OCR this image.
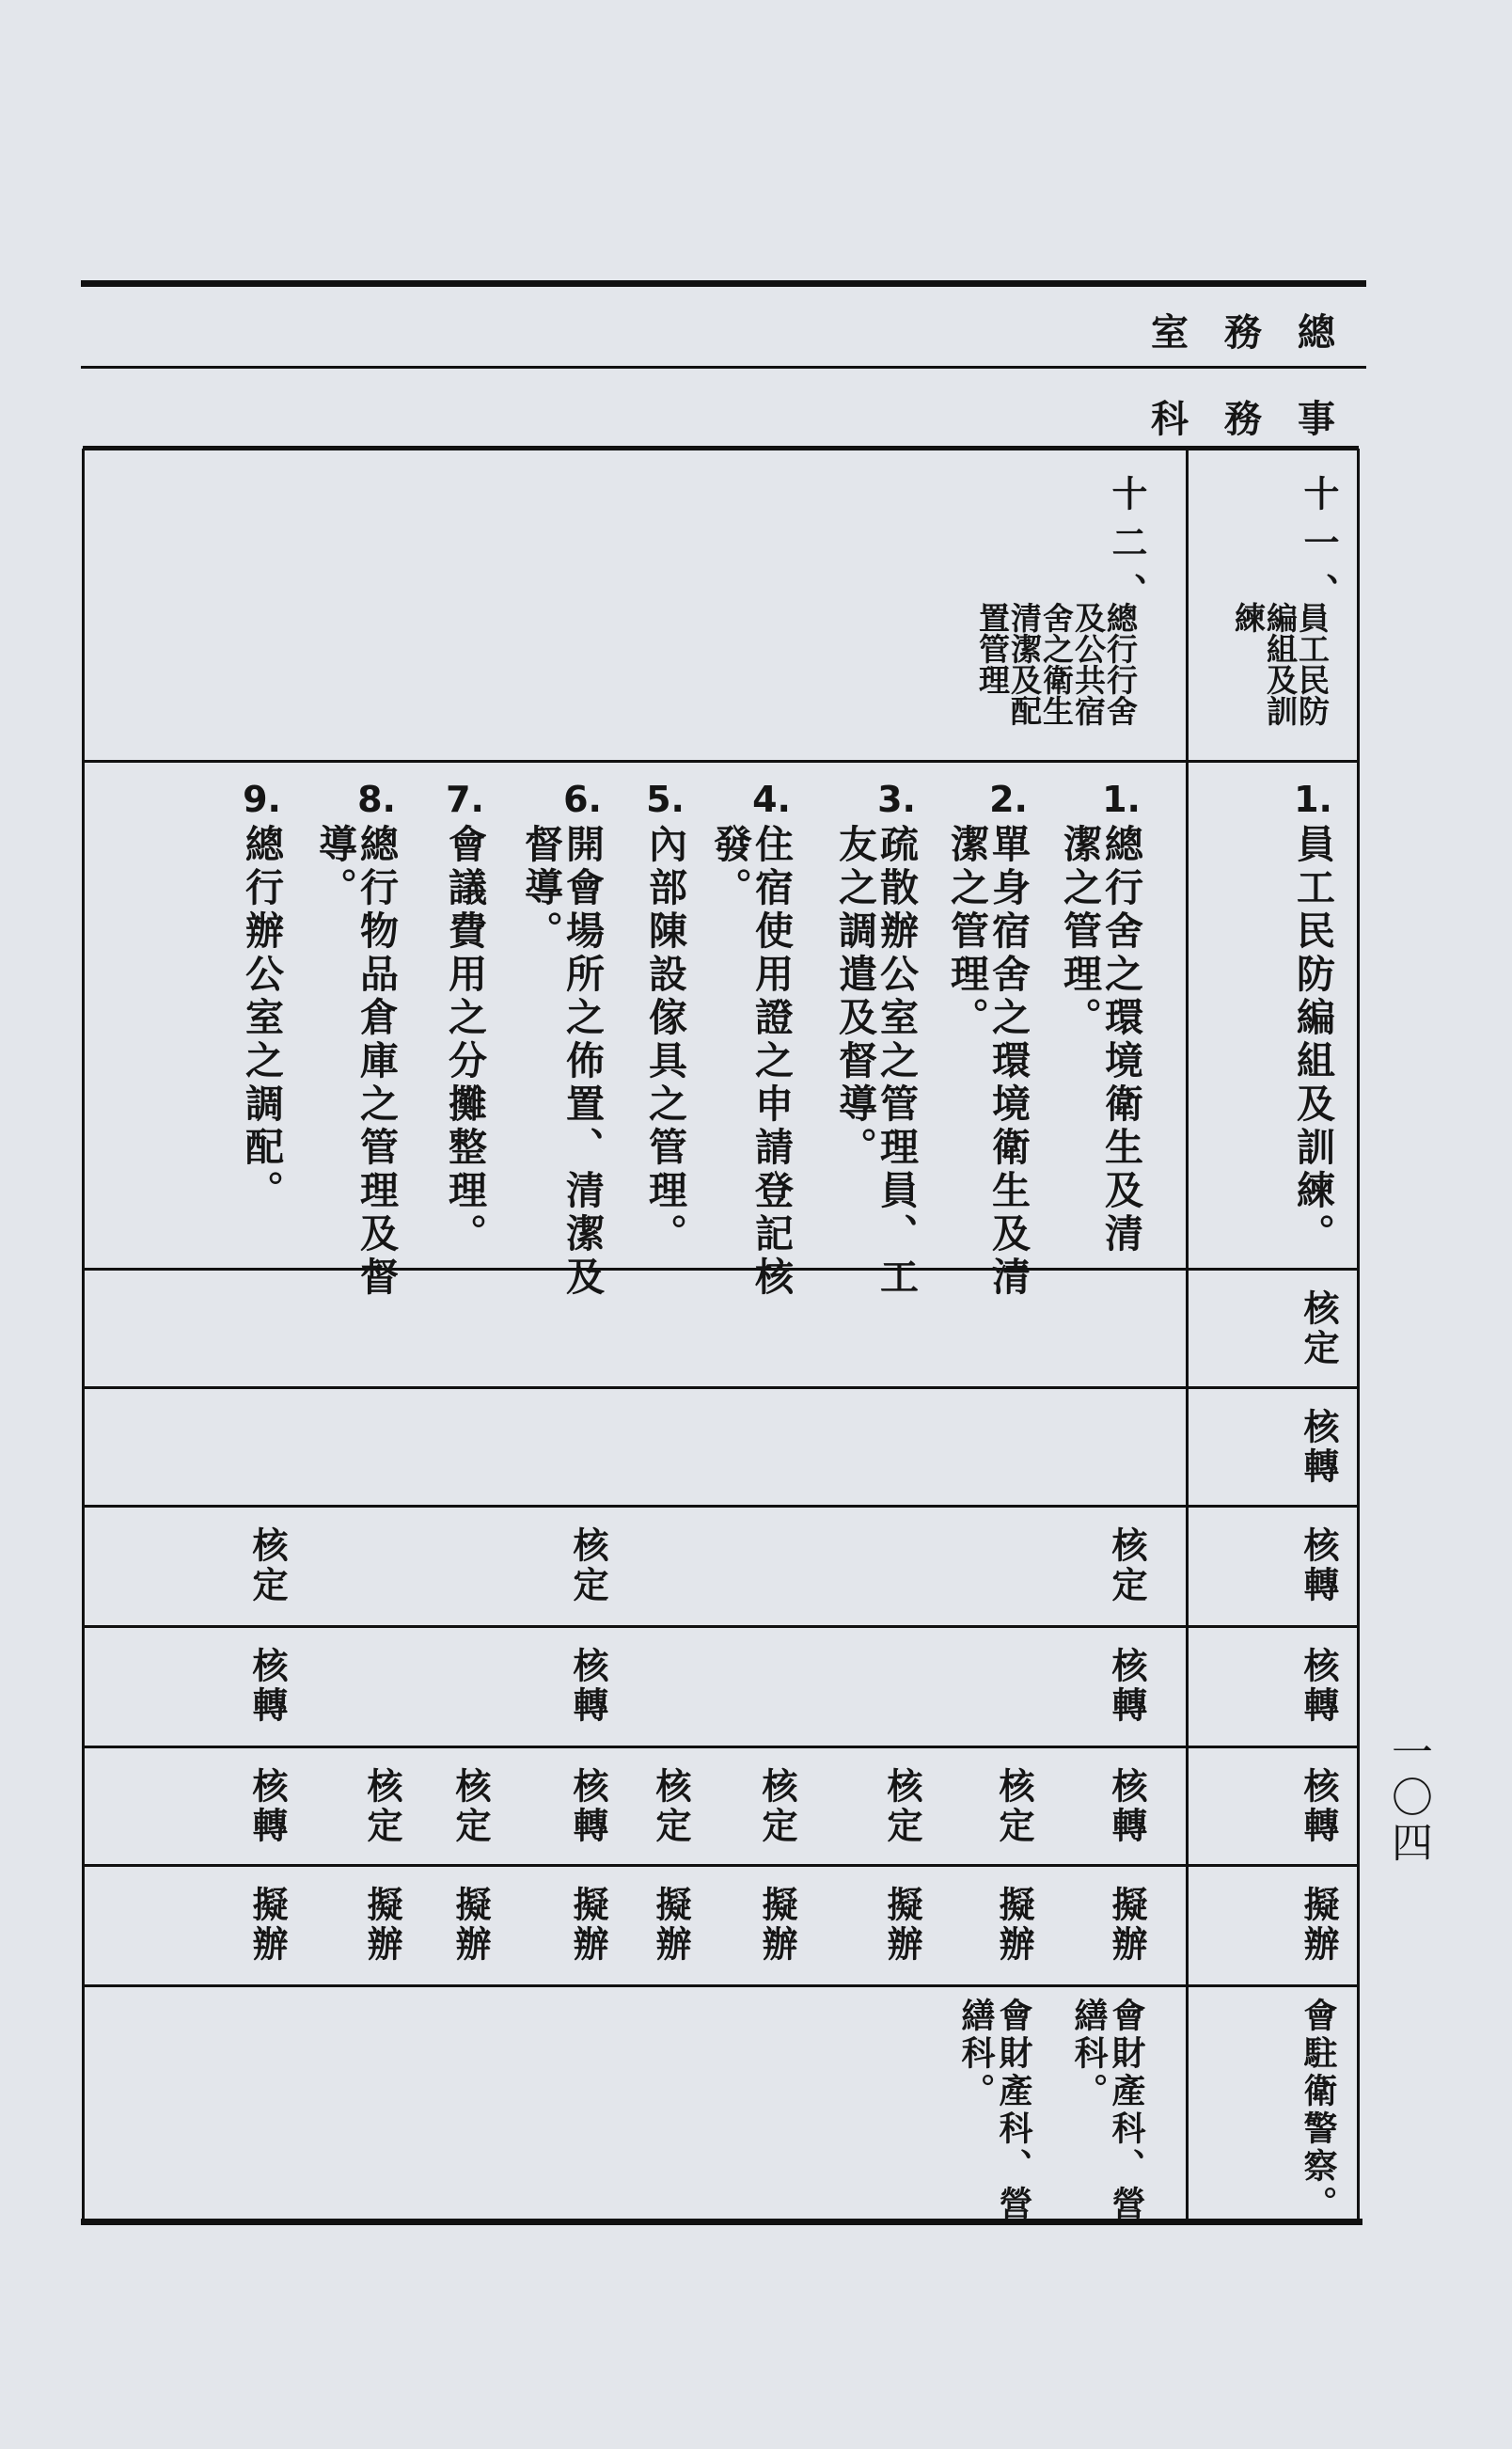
總務室
事務科
十一、
員工民防
編組及訓
練
十二、
總行行舍
及公共宿
舍之衛生
清潔及配
置管理
1.
員工民防編組及訓練。
1.
總行舍之環境衛生及清
潔之管理。
2.
單身宿舍之環境衛生及清
潔之管理。
3.
疏散辦公室之管理員、工
友之調遣及督導。
4.
住宿使用證之申請登記核
發。
5.
內部陳設傢具之管理。
6.
開會場所之佈置、清潔及
督導。
7.
會議費用之分攤整理。
8.
總行物品倉庫之管理及督
導。
9.
總行辦公室之調配。
核定
核轉
核轉
核定
核定
核定
核轉
核轉
核轉
核轉
核轉
核轉
核定
核定
核定
核定
核轉
核定
核定
核轉
擬辦
擬辦
擬辦
擬辦
擬辦
擬辦
擬辦
擬辦
擬辦
擬辦
會駐衛警察。
會財產科、營
繕科。
會財產科、營
繕科。
一〇四
